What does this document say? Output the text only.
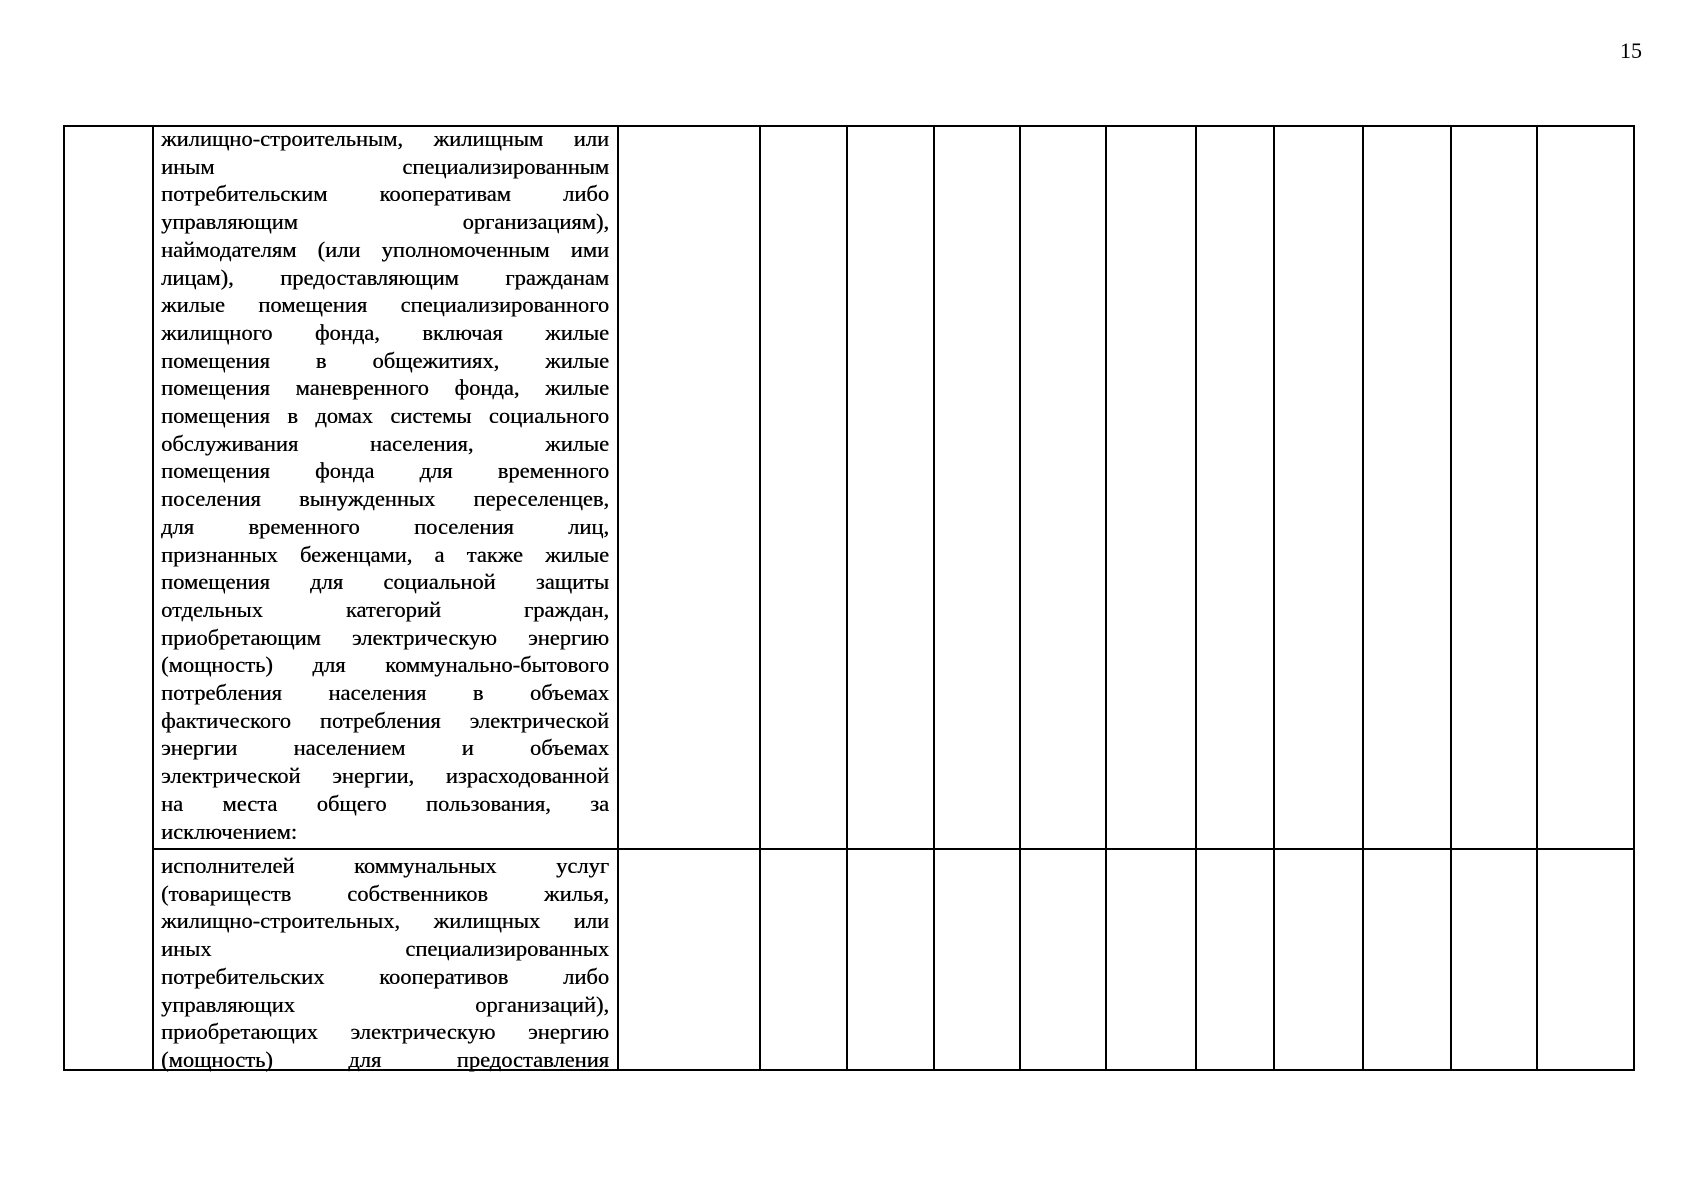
15
жилищно-строительным, жилищным или
иным специализированным
потребительским кооперативам либо
управляющим организациям),
наймодателям (или уполномоченным ими
лицам), предоставляющим гражданам
жилые помещения специализированного
жилищного фонда, включая жилые
помещения в общежитиях, жилые
помещения маневренного фонда, жилые
помещения в домах системы социального
обслуживания населения, жилые
помещения фонда для временного
поселения вынужденных переселенцев,
для временного поселения лиц,
признанных беженцами, а также жилые
помещения для социальной защиты
отдельных категорий граждан,
приобретающим электрическую энергию
(мощность) для коммунально-бытового
потребления населения в объемах
фактического потребления электрической
энергии населением и объемах
электрической энергии, израсходованной
на места общего пользования, за
исключением:
исполнителей коммунальных услуг
(товариществ собственников жилья,
жилищно-строительных, жилищных или
иных специализированных
потребительских кооперативов либо
управляющих организаций),
приобретающих электрическую энергию
(мощность) для предоставления
